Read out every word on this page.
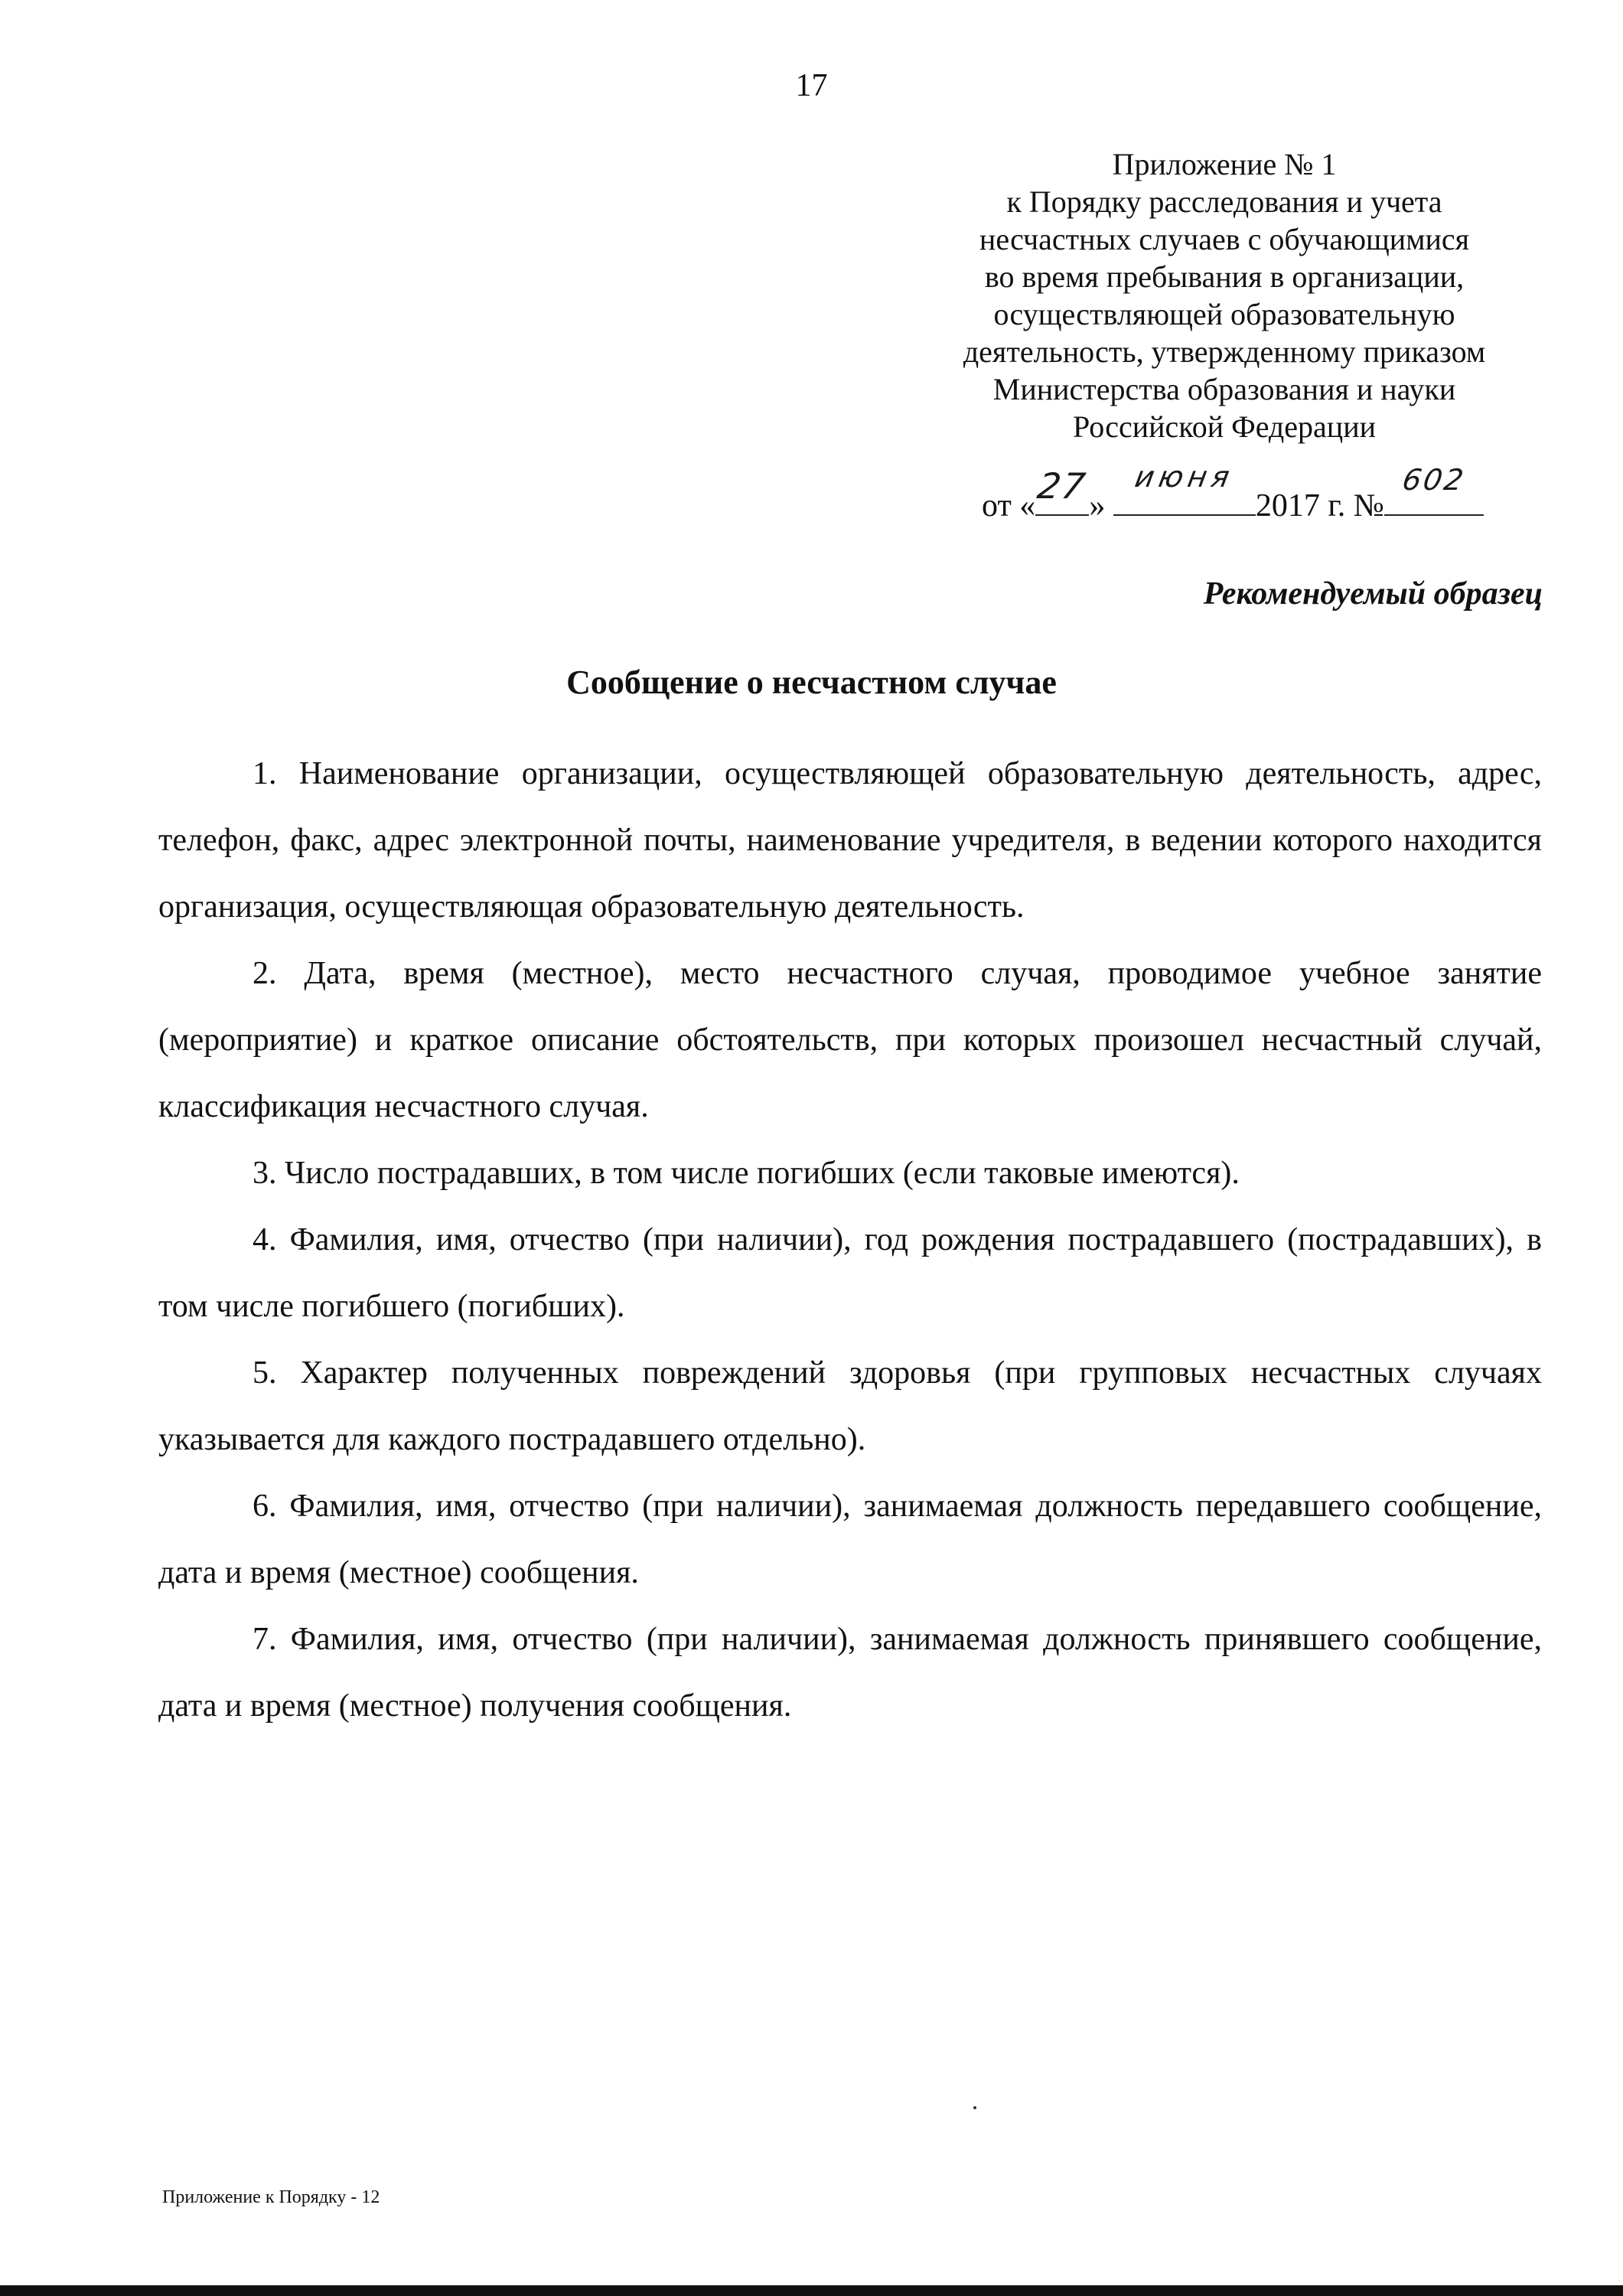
17
Приложение № 1
к Порядку расследования и учета
несчастных случаев с обучающимися
во время пребывания в организации,
осуществляющей образовательную
деятельность, утвержденному приказом
Министерства образования и науки
Российской Федерации
от «
27
»
июня
2017 г. №
602
Рекомендуемый образец
Сообщение о несчастном случае

1. Наименование организации, осуществляющей образовательную деятельность, адрес, телефон, факс, адрес электронной почты, наименование учредителя, в ведении которого находится организация, осуществляющая образовательную деятельность.

2. Дата, время (местное), место несчастного случая, проводимое учебное занятие (мероприятие) и краткое описание обстоятельств, при которых произошел несчастный случай, классификация несчастного случая.

3. Число пострадавших, в том числе погибших (если таковые имеются).

4. Фамилия, имя, отчество (при наличии), год рождения пострадавшего (пострадавших), в том числе погибшего (погибших).

5. Характер полученных повреждений здоровья (при групповых несчастных случаях указывается для каждого пострадавшего отдельно).

6. Фамилия, имя, отчество (при наличии), занимаемая должность передавшего сообщение, дата и время (местное) сообщения.

7. Фамилия, имя, отчество (при наличии), занимаемая должность принявшего сообщение, дата и время (местное) получения сообщения.

Приложение к Порядку - 12
